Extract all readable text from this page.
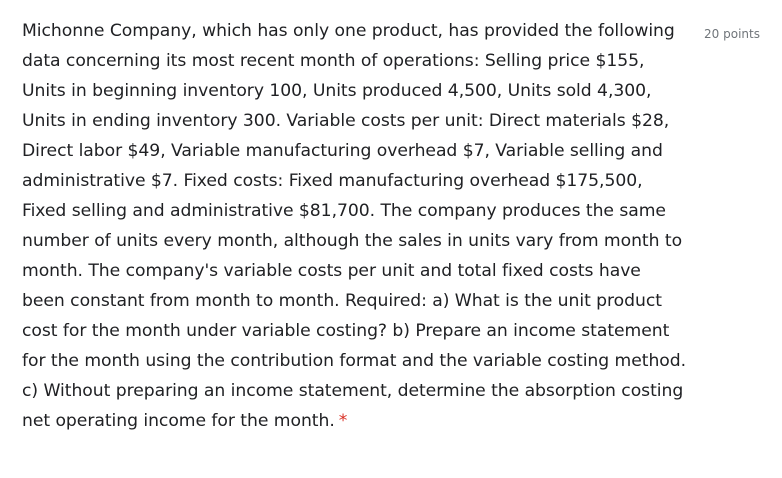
Michonne Company, which has only one product, has provided the following data concerning its most recent month of operations: Selling price $155, Units in beginning inventory 100, Units produced 4,500, Units sold 4,300, Units in ending inventory 300. Variable costs per unit: Direct materials $28, Direct labor $49, Variable manufacturing overhead $7, Variable selling and administrative $7. Fixed costs: Fixed manufacturing overhead $175,500, Fixed selling and administrative $81,700. The company produces the same number of units every month, although the sales in units vary from month to month. The company's variable costs per unit and total fixed costs have been constant from month to month. Required: a) What is the unit product cost for the month under variable costing? b) Prepare an income statement for the month using the contribution format and the variable costing method. c) Without preparing an income statement, determine the absorption costing net operating income for the month. *

20 points
